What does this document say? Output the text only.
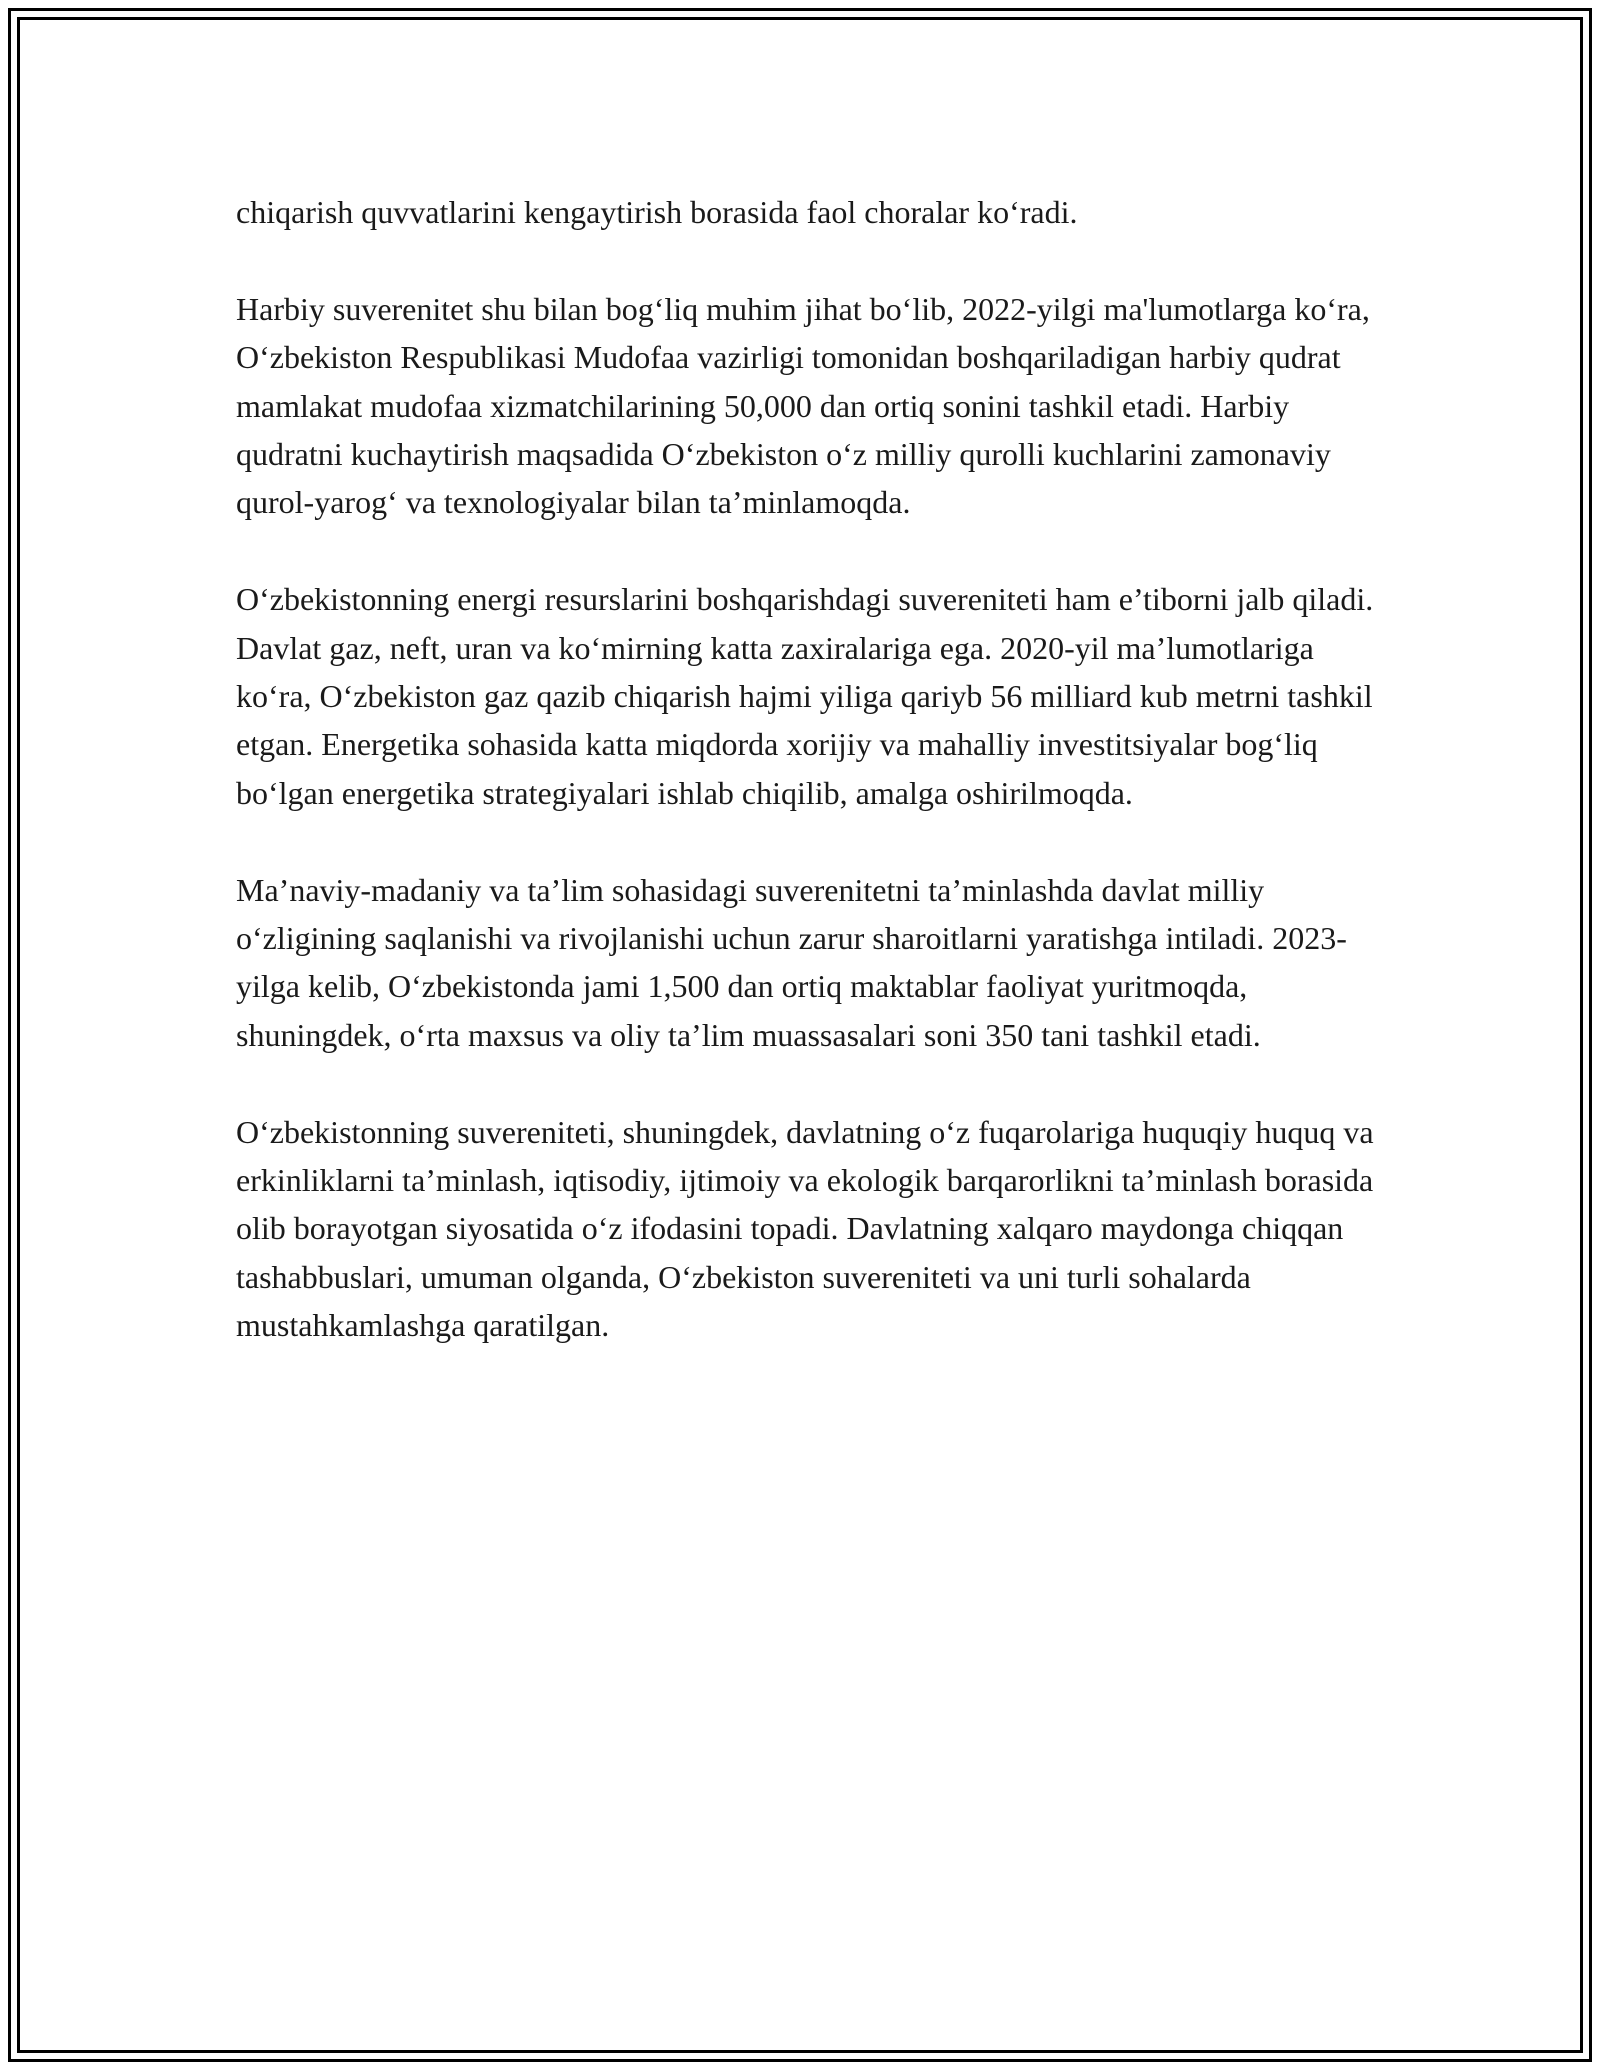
chiqarish quvvatlarini kengaytirish borasida faol choralar ko‘radi.

Harbiy suverenitet shu bilan bog‘liq muhim jihat bo‘lib, 2022-yilgi ma'lumotlarga ko‘ra, O‘zbekiston Respublikasi Mudofaa vazirligi tomonidan boshqariladigan harbiy qudrat mamlakat mudofaa xizmatchilarining 50,000 dan ortiq sonini tashkil etadi. Harbiy qudratni kuchaytirish maqsadida O‘zbekiston o‘z milliy qurolli kuchlarini zamonaviy qurol-yarog‘ va texnologiyalar bilan ta’minlamoqda.

O‘zbekistonning energi resurslarini boshqarishdagi suvereniteti ham e’tiborni jalb qiladi. Davlat gaz, neft, uran va ko‘mirning katta zaxiralariga ega. 2020-yil ma’lumotlariga ko‘ra, O‘zbekiston gaz qazib chiqarish hajmi yiliga qariyb 56 milliard kub metrni tashkil etgan. Energetika sohasida katta miqdorda xorijiy va mahalliy investitsiyalar bog‘liq bo‘lgan energetika strategiyalari ishlab chiqilib, amalga oshirilmoqda.

Ma’naviy-madaniy va ta’lim sohasidagi suverenitetni ta’minlashda davlat milliy o‘zligining saqlanishi va rivojlanishi uchun zarur sharoitlarni yaratishga intiladi. 2023-yilga kelib, O‘zbekistonda jami 1,500 dan ortiq maktablar faoliyat yuritmoqda, shuningdek, o‘rta maxsus va oliy ta’lim muassasalari soni 350 tani tashkil etadi.

O‘zbekistonning suvereniteti, shuningdek, davlatning o‘z fuqarolariga huquqiy huquq va erkinliklarni ta’minlash, iqtisodiy, ijtimoiy va ekologik barqarorlikni ta’minlash borasida olib borayotgan siyosatida o‘z ifodasini topadi. Davlatning xalqaro maydonga chiqqan tashabbuslari, umuman olganda, O‘zbekiston suvereniteti va uni turli sohalarda mustahkamlashga qaratilgan.
